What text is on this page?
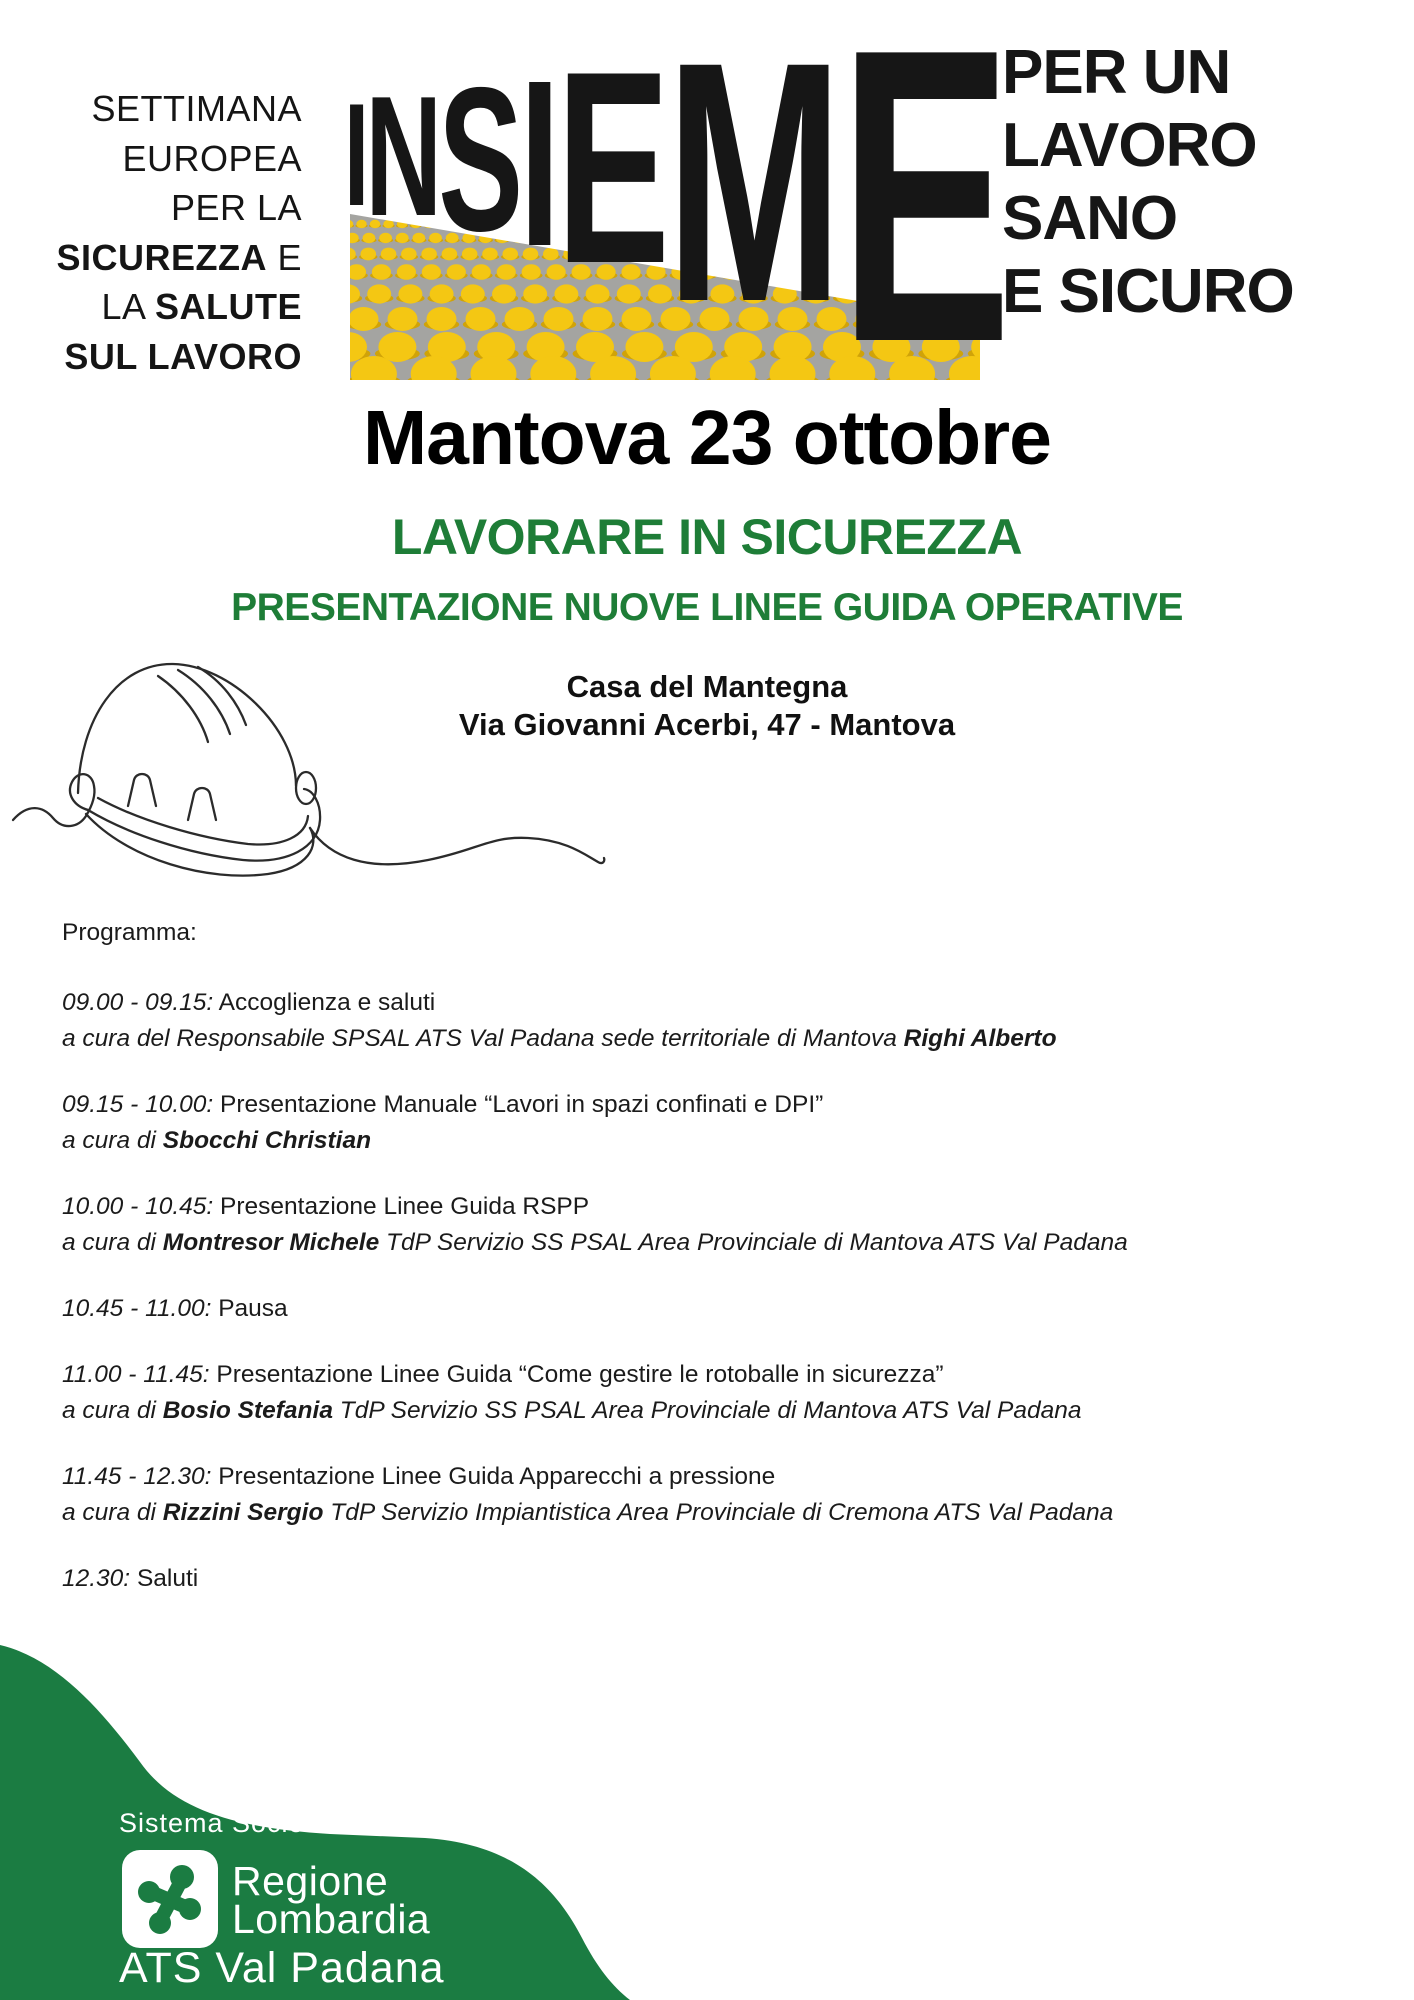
SETTIMANA
EUROPEA
PER LA
SICUREZZA E
LA SALUTE
SUL LAVORO
INSIEME
PER UN
LAVORO
SANO
E SICURO
Mantova 23 ottobre
LAVORARE IN SICUREZZA
PRESENTAZIONE NUOVE LINEE GUIDA OPERATIVE
Casa del Mantegna
Via Giovanni Acerbi, 47 - Mantova
Programma:
09.00 - 09.15: Accoglienza e saluti
a cura del Responsabile SPSAL ATS Val Padana sede territoriale di Mantova Righi Alberto
09.15 - 10.00: Presentazione Manuale “Lavori in spazi confinati e DPI”
a cura di Sbocchi Christian
10.00 - 10.45: Presentazione Linee Guida RSPP
a cura di Montresor Michele TdP Servizio SS PSAL Area Provinciale di Mantova ATS Val Padana
10.45 - 11.00: Pausa
11.00 - 11.45: Presentazione Linee Guida “Come gestire le rotoballe in sicurezza”
a cura di Bosio Stefania TdP Servizio SS PSAL Area Provinciale di Mantova ATS Val Padana
11.45 - 12.30: Presentazione Linee Guida Apparecchi a pressione
a cura di Rizzini Sergio TdP Servizio Impiantistica Area Provinciale di Cremona ATS Val Padana
12.30: Saluti
Sistema Socio Sanitario
Regione
Lombardia
ATS Val Padana
